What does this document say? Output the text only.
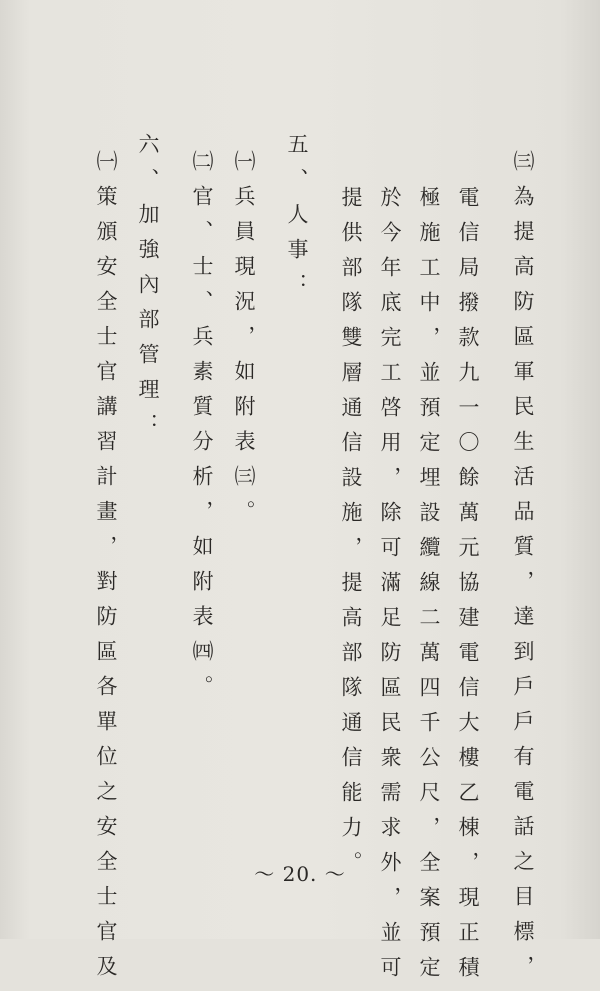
㈢為提高防區軍民生活品質，達到戶戶有電話之目標，
電信局撥款九一〇餘萬元協建電信大樓乙棟，現正積
極施工中，並預定埋設纜線二萬四千公尺，全案預定
於今年底完工啓用，除可滿足防區民衆需求外，並可
提供部隊雙層通信設施，提高部隊通信能力。
五、人事：
㈠兵員現況，如附表㈢。
㈡官、士、兵素質分析，如附表㈣。
六、加強內部管理：
㈠策頒安全士官講習計畫，對防區各單位之安全士官及	～ 20. ～
